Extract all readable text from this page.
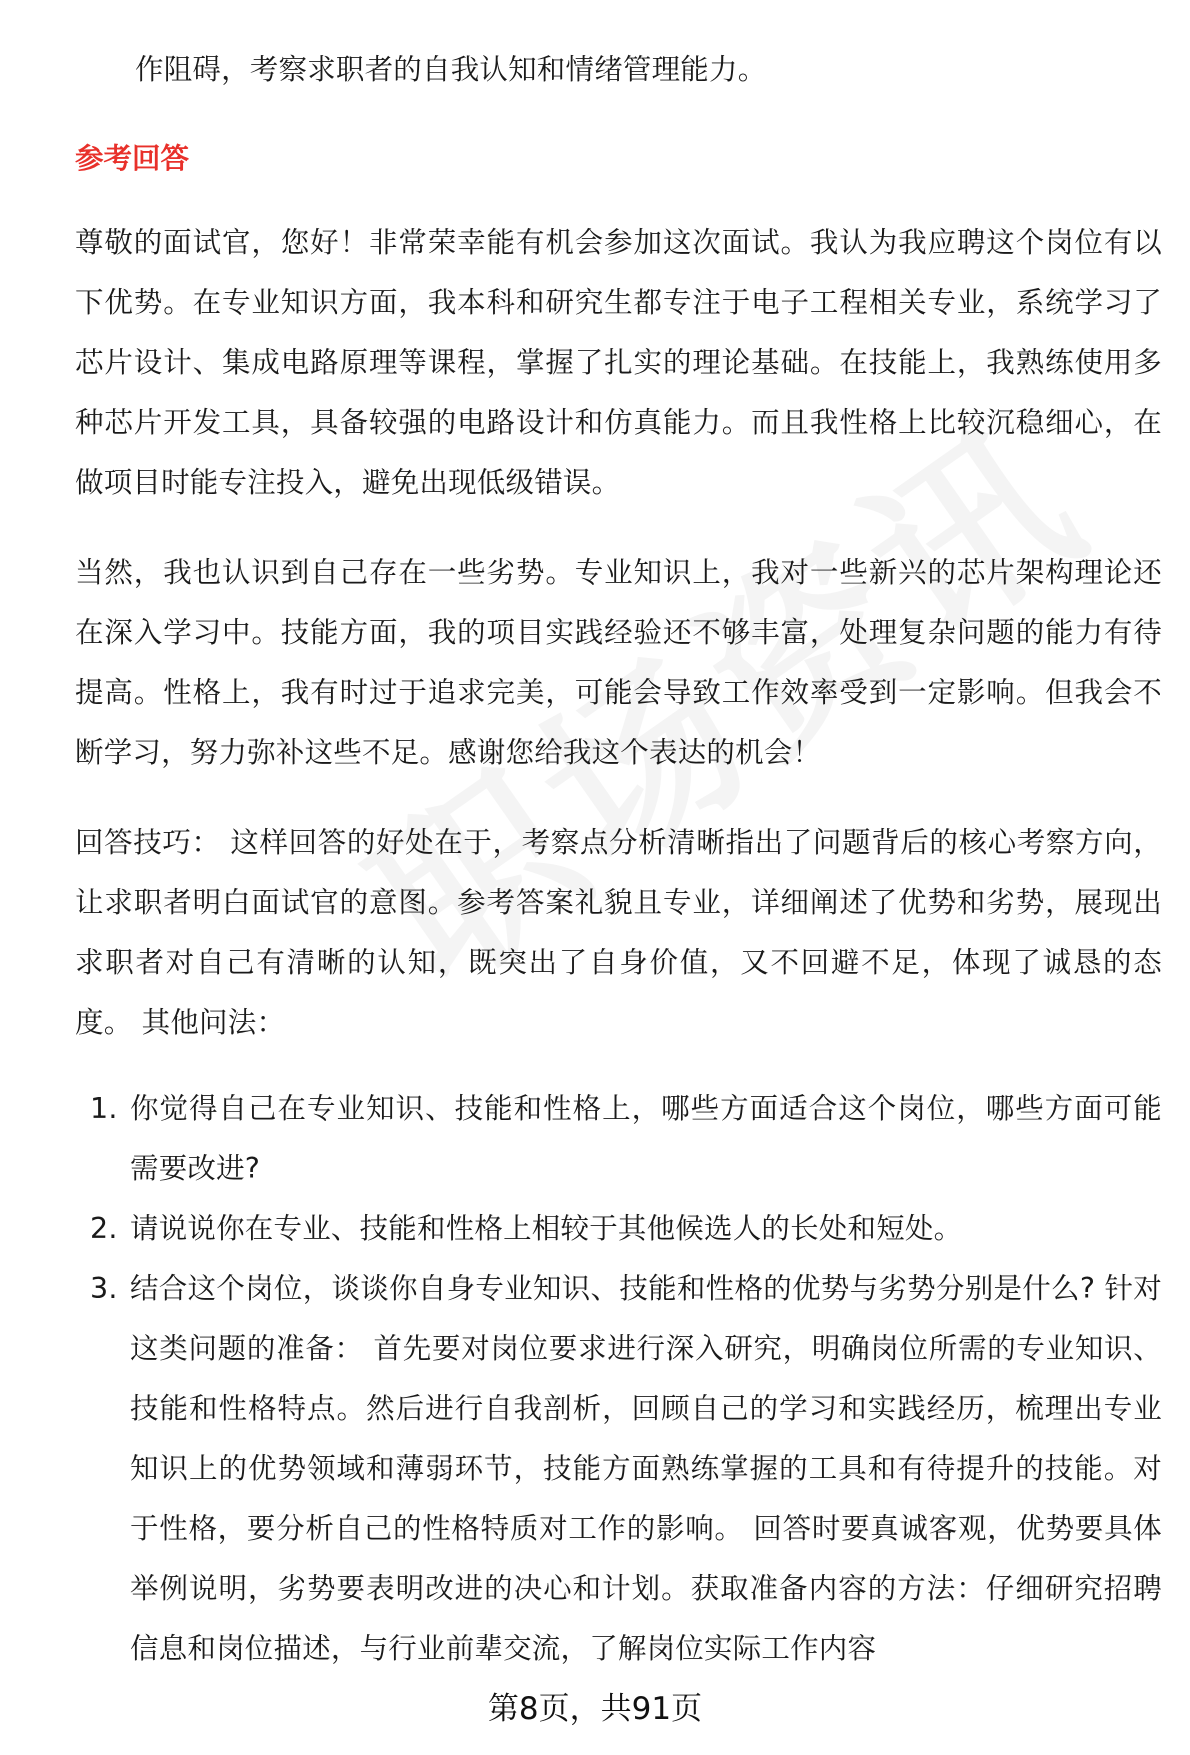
作阻碍，考察求职者的自我认知和情绪管理能力。

参考回答

尊敬的面试官，您好！非常荣幸能有机会参加这次面试。我认为我应聘这个岗位有以下优势。在专业知识方面，我本科和研究生都专注于电子工程相关专业，系统学习了芯片设计、集成电路原理等课程，掌握了扎实的理论基础。在技能上，我熟练使用多种芯片开发工具，具备较强的电路设计和仿真能力。而且我性格上比较沉稳细心，在做项目时能专注投入，避免出现低级错误。

当然，我也认识到自己存在一些劣势。专业知识上，我对一些新兴的芯片架构理论还在深入学习中。技能方面，我的项目实践经验还不够丰富，处理复杂问题的能力有待提高。性格上，我有时过于追求完美，可能会导致工作效率受到一定影响。但我会不断学习，努力弥补这些不足。感谢您给我这个表达的机会！

回答技巧： 这样回答的好处在于，考察点分析清晰指出了问题背后的核心考察方向，让求职者明白面试官的意图。参考答案礼貌且专业，详细阐述了优势和劣势，展现出求职者对自己有清晰的认知，既突出了自身价值，又不回避不足，体现了诚恳的态度。 其他问法：

1. 你觉得自己在专业知识、技能和性格上，哪些方面适合这个岗位，哪些方面可能需要改进?
2. 请说说你在专业、技能和性格上相较于其他候选人的长处和短处。
3. 结合这个岗位，谈谈你自身专业知识、技能和性格的优势与劣势分别是什么? 针对这类问题的准备： 首先要对岗位要求进行深入研究，明确岗位所需的专业知识、技能和性格特点。然后进行自我剖析，回顾自己的学习和实践经历，梳理出专业知识上的优势领域和薄弱环节，技能方面熟练掌握的工具和有待提升的技能。对于性格，要分析自己的性格特质对工作的影响。 回答时要真诚客观，优势要具体举例说明，劣势要表明改进的决心和计划。获取准备内容的方法：仔细研究招聘信息和岗位描述，与行业前辈交流，了解岗位实际工作内容
第8页，共91页
